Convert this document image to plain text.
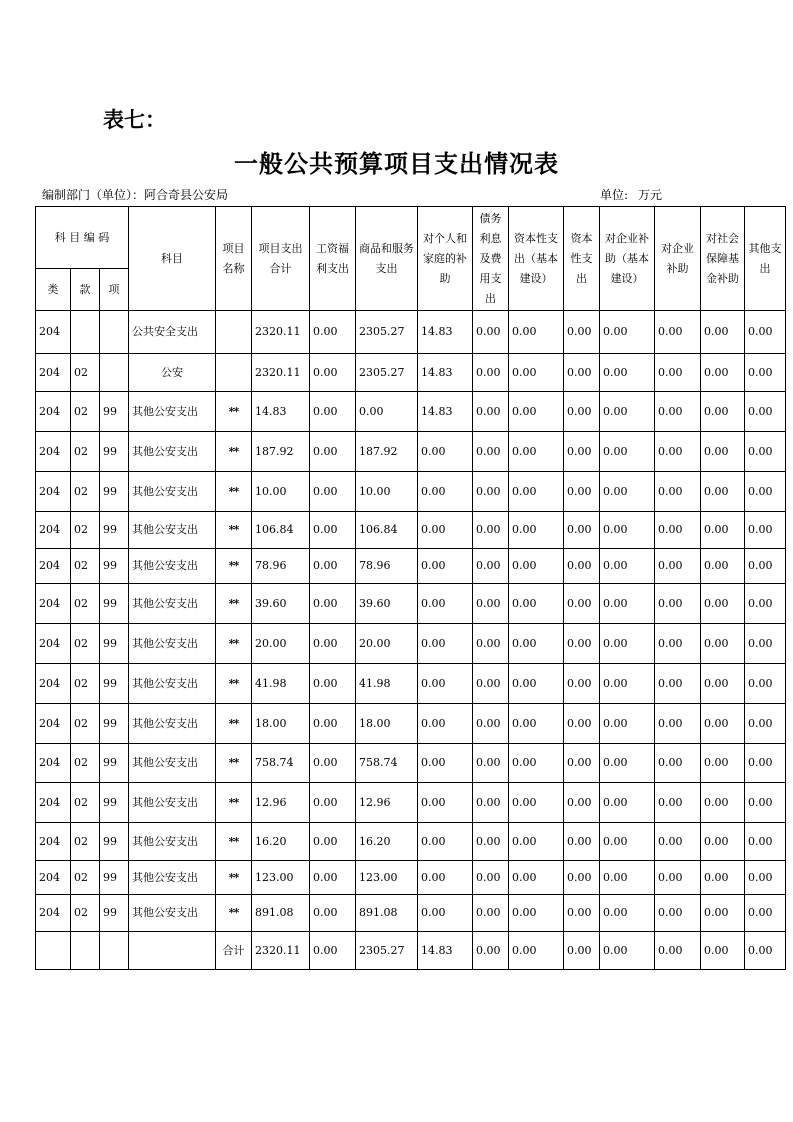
表七：
一般公共预算项目支出情况表
编制部门（单位）：阿合奇县公安局	单位: 万元
科 目 编 码			科目	项目名称	项目支出合计	工资福利支出	商品和服务支出	对个人和家庭的补助	债务利息及费用支出	资本性支出（基本建设）	资本性支出	对企业补助（基本建设）	对企业补助	对社会保障基金补助	其他支出
类	款	项													
204			公共安全支出		2320.11	0.00	2305.27	14.83	0.00	0.00	0.00	0.00	0.00	0.00	0.00
204	02		公安		2320.11	0.00	2305.27	14.83	0.00	0.00	0.00	0.00	0.00	0.00	0.00
204	02	99	其他公安支出	**	14.83	0.00	0.00	14.83	0.00	0.00	0.00	0.00	0.00	0.00	0.00
204	02	99	其他公安支出	**	187.92	0.00	187.92	0.00	0.00	0.00	0.00	0.00	0.00	0.00	0.00
204	02	99	其他公安支出	**	10.00	0.00	10.00	0.00	0.00	0.00	0.00	0.00	0.00	0.00	0.00
204	02	99	其他公安支出	**	106.84	0.00	106.84	0.00	0.00	0.00	0.00	0.00	0.00	0.00	0.00
204	02	99	其他公安支出	**	78.96	0.00	78.96	0.00	0.00	0.00	0.00	0.00	0.00	0.00	0.00
204	02	99	其他公安支出	**	39.60	0.00	39.60	0.00	0.00	0.00	0.00	0.00	0.00	0.00	0.00
204	02	99	其他公安支出	**	20.00	0.00	20.00	0.00	0.00	0.00	0.00	0.00	0.00	0.00	0.00
204	02	99	其他公安支出	**	41.98	0.00	41.98	0.00	0.00	0.00	0.00	0.00	0.00	0.00	0.00
204	02	99	其他公安支出	**	18.00	0.00	18.00	0.00	0.00	0.00	0.00	0.00	0.00	0.00	0.00
204	02	99	其他公安支出	**	758.74	0.00	758.74	0.00	0.00	0.00	0.00	0.00	0.00	0.00	0.00
204	02	99	其他公安支出	**	12.96	0.00	12.96	0.00	0.00	0.00	0.00	0.00	0.00	0.00	0.00
204	02	99	其他公安支出	**	16.20	0.00	16.20	0.00	0.00	0.00	0.00	0.00	0.00	0.00	0.00
204	02	99	其他公安支出	**	123.00	0.00	123.00	0.00	0.00	0.00	0.00	0.00	0.00	0.00	0.00
204	02	99	其他公安支出	**	891.08	0.00	891.08	0.00	0.00	0.00	0.00	0.00	0.00	0.00	0.00
				合计	2320.11	0.00	2305.27	14.83	0.00	0.00	0.00	0.00	0.00	0.00	0.00
